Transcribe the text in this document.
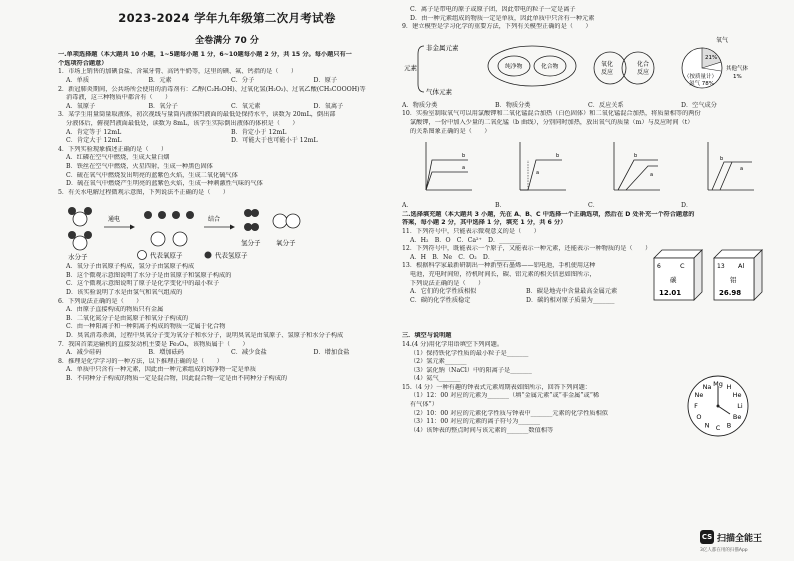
2023-2024 学年九年级第二次月考试卷
全卷满分 70 分
一.单项选择题（本大题共 10 小题，1~5题每小题 1 分，6~10题每小题 2 分，共 15 分。每小题只有一
个选项符合题意）
1．市场上销售的加碘食盐、含氟牙膏、高钙牛奶等，这里的碘、氟、钙指的是（　　）
A．单质	B．元素	C．分子	D．原子
2．新冠肺炎期间，公共场所会使用的消毒剂有：乙醇(C₂H₅OH)、过氧化氢(H₂O₂)、过氧乙酸(CH₃COOOH)等
消毒液，这三种物质中都含有（　　）
A．氧原子	B．氧分子	C．氧元素	D．氧离子
3．某学生用量筒量取液体，初次视线与量筒内液体凹液面的最低处保持水平，读数为 20mL，倒出部
分液体后，俯视凹液面最低处，读数为 8mL，该学生实际倒出液体的体积是（　　）
A．肯定等于 12mL	B．肯定小于 12mL
C．肯定大于 12mL	D．可能大于也可能小于 12mL
4．下列实验现象描述正确的是（　　）
A．红磷在空气中燃烧，生成大量白烟
B．铁丝在空气中燃烧，火星四射，生成一种黑色固体
C．硫在氧气中燃烧发出明亮的蓝紫色火焰，生成二氧化硫气体
D．硫在氧气中燃烧产生明亮的蓝紫色火焰，生成一种刺激性气味的气体
5．有关水电解过程微观示意图，下列说法不正确的是（　　）
水分子
通电	结合
氢分子 氧分子
代表氧原子	代表氢原子
A．氧分子由氧原子构成，氢分子由氢原子构成
B．这个微观示意图说明了水分子是由氧原子和氢原子构成的
C．这个微观示意图说明了原子是化学变化中的最小粒子
D．该实验说明了水是由氢气和氧气组成的
6．下列说法正确的是（　　）
A．由原子直接构成的物质只有金属
B．二氧化氮分子是由氮原子和氧分子构成的
C．由一种阳离子和一种阴离子构成的物质一定属于化合物
D．臭氧消毒杀菌，过程中臭氧分子变为氧分子和水分子，说明臭氧是由氧原子、氢原子和水分子构成
7．我国首架运输机的直接发动机主要是 Fe₃O₄，该物质属于（　　）
A．减少硅码	B．增加砝码	C．减少食盐	D．增加食盐
8．推理是化学学习的一种方法，以下推理正确的是（　　）
A．单质中只含有一种元素，因此由一种元素组成的纯净物一定是单质
B．不同种分子构成的物质一定是混合物，因此混合物一定是由不同种分子构成的
C．离子是带电的原子或原子团，因此带电的粒子一定是离子
D．由一种元素组成的物质一定是单质，因此单质中只含有一种元素
9．建立模型是学习化学的重要方法，下列有关模型正确的是（　　）
元素
非金属元素
气体元素
纯净物	化合物	氧化
反应
化合
反应
氧气
21%
（按质量计）
其他气体
1%
氮气 78%
A．物质分类	B．物质分类	C．反应关系	D．空气成分
10．实验室制取氧气可以用氯酸钾和二氧化锰混合加热（白色固体）和二氧化锰混合加热，将质量相等的两份
氯酸钾，一份中加入少量的二氧化锰（b 曲线），分别同时加热，放出氧气的质量（m）与反应时间（t）
的关系图象正确的是（　　）
b
a
b
a
b
a
b
a
A．	B．	C．	D．
二.选择填充题（本大题共 3 小题，先在 A、B、C 中选择一个正确选项，然后在 D 处补充一个符合题意的
答案，每小题 2 分，其中选择 1 分，填充 1 分，共 6 分）
11．下列符号中，只能表示微观意义的是（　　）
A．H₂　B．O　C．Ca²⁺　D．_______
12．下列符号中，既能表示一个原子，又能表示一种元素，还能表示一种物质的是（　　）
A．H　B．Ne　C．O₂　D．_______
13．根据科学家最新研制出一种新型石墨烯——铝电池，手机使用这种
电池，充电时间短，待机时间长，碳、铝元素的相关信息如图所示，
下列说法正确的是（　　）
A．它们的化学性质相似	B．碳是地壳中含量最高金属元素
C．碳的化学性质稳定	D．碳的相对原子质量为_______
6	C
碳
12.01
13 Al
铝
26.98
三．填空与说明题
14.(4 分)用化学用语填空下列问题。
（1）保持铁化学性质的最小粒子是_______
（2）氢元素_______
（3）氯化钠（NaCl）中的阳离子是_______
（4）氦气_______
15.（4 分）一种有趣的钟表式元素周期表如图所示，回答下列问题：
（1）12：00 对应的元素为_______（填“金属元素”或“非金属”或“稀
有气体”）
（2）10：00 对应的元素化学性质与钟表中_______元素的化学性质相似
（3）11：00 对应的元素的离子符号为_______
（4）该钟表的整点时间与该元素的_______数值相等
Mg H
He
Li
Be
B
C
N
O
F
Ne
Na
CS 扫描全能王
3亿人都在用的扫描App
